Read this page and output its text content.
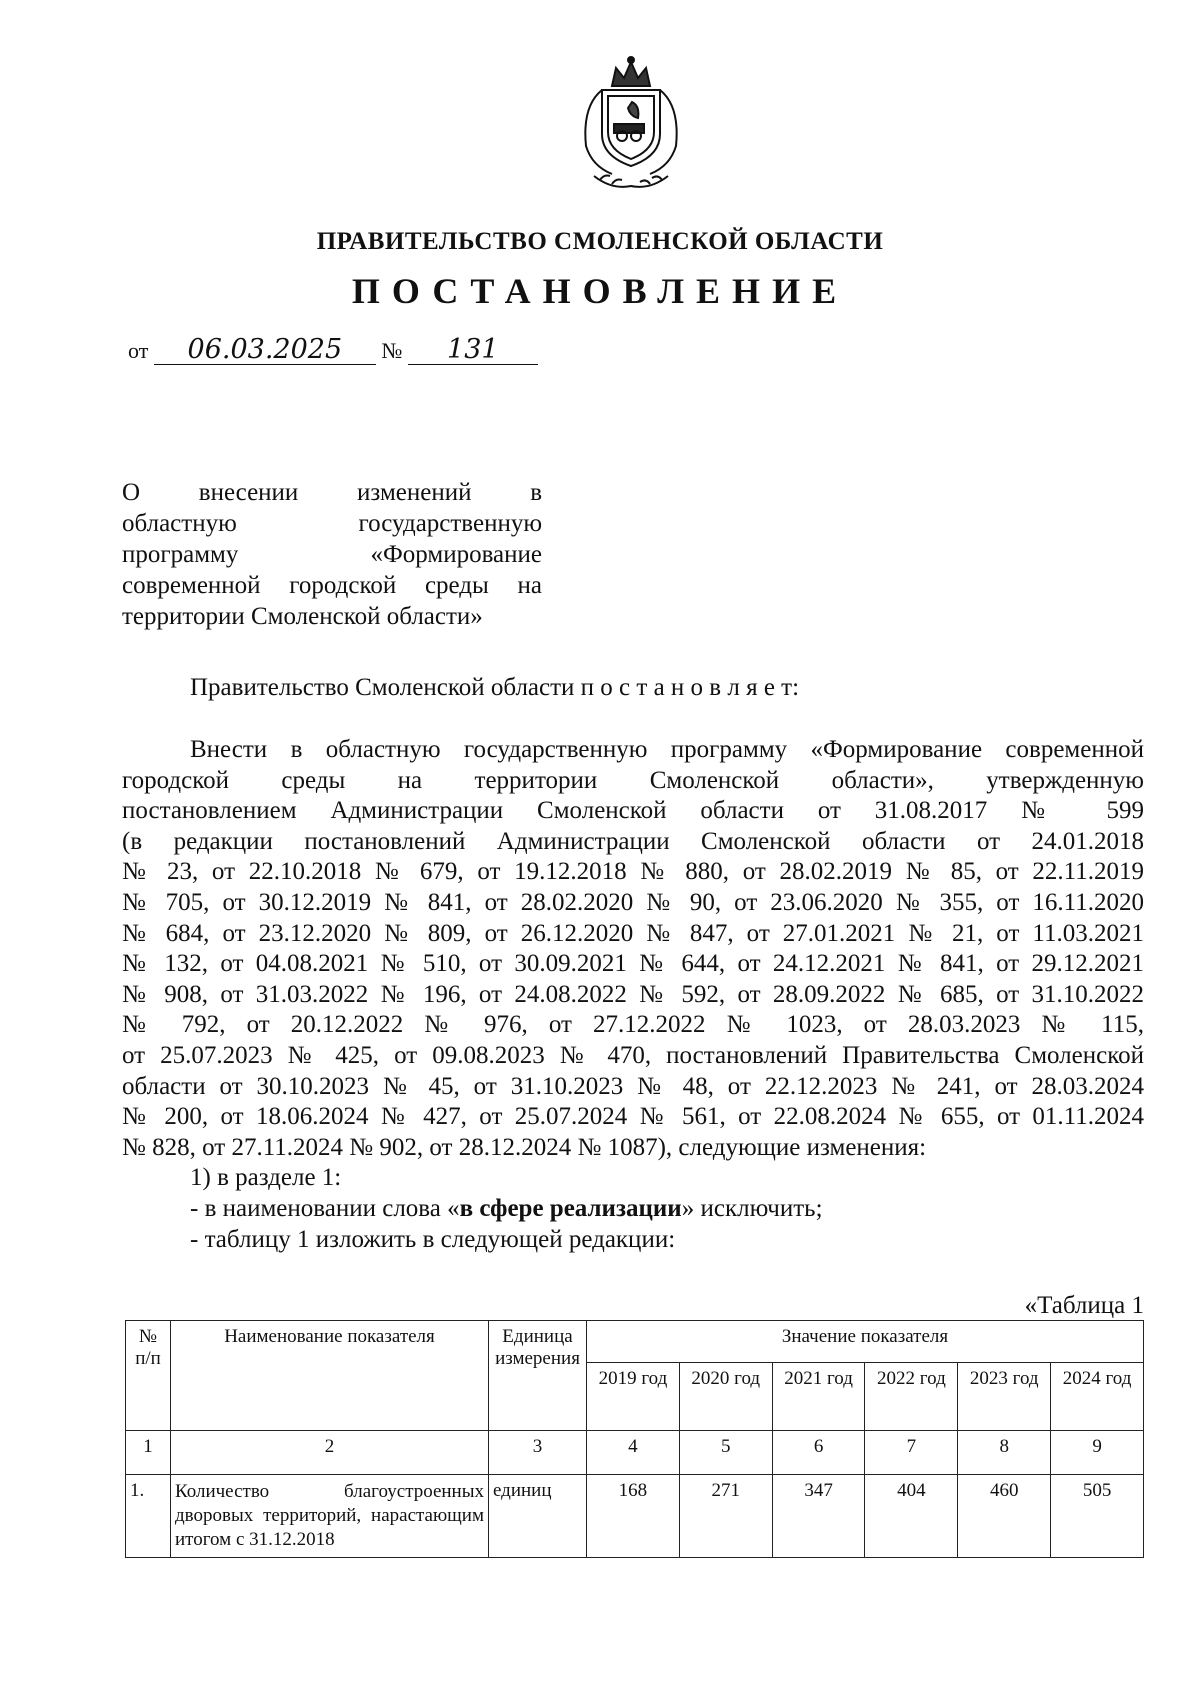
ПРАВИТЕЛЬСТВО СМОЛЕНСКОЙ ОБЛАСТИ
ПОСТАНОВЛЕНИЕ
от 06.03.2025 № 131
О внесении изменений в
областную государственную
программу «Формирование
современной городской среды на
территории Смоленской области»
Правительство Смоленской области п о с т а н о в л я е т:
Внести в областную государственную программу «Формирование современной
городской среды на территории Смоленской области», утвержденную
постановлением Администрации Смоленской области от 31.08.2017 № 599
(в редакции постановлений Администрации Смоленской области от 24.01.2018
№ 23, от 22.10.2018 № 679, от 19.12.2018 № 880, от 28.02.2019 № 85, от 22.11.2019
№ 705, от 30.12.2019 № 841, от 28.02.2020 № 90, от 23.06.2020 № 355, от 16.11.2020
№ 684, от 23.12.2020 № 809, от 26.12.2020 № 847, от 27.01.2021 № 21, от 11.03.2021
№ 132, от 04.08.2021 № 510, от 30.09.2021 № 644, от 24.12.2021 № 841, от 29.12.2021
№ 908, от 31.03.2022 № 196, от 24.08.2022 № 592, от 28.09.2022 № 685, от 31.10.2022
№ 792, от 20.12.2022 № 976, от 27.12.2022 № 1023, от 28.03.2023 № 115,
от 25.07.2023 № 425, от 09.08.2023 № 470, постановлений Правительства Смоленской
области от 30.10.2023 № 45, от 31.10.2023 № 48, от 22.12.2023 № 241, от 28.03.2024
№ 200, от 18.06.2024 № 427, от 25.07.2024 № 561, от 22.08.2024 № 655, от 01.11.2024
№ 828, от 27.11.2024 № 902, от 28.12.2024 № 1087), следующие изменения:
1) в разделе 1:
- в наименовании слова «в сфере реализации» исключить;
- таблицу 1 изложить в следующей редакции:
«Таблица 1
№ п/п	Наименование показателя	Единица измерения	Значение показателя					
			2019 год	2020 год	2021 год	2022 год	2023 год	2024 год
1	2	3	4	5	6	7	8	9
1.	Количество благоустроенных дворовых территорий, нарастающим итогом с 31.12.2018	единиц	168	271	347	404	460	505
